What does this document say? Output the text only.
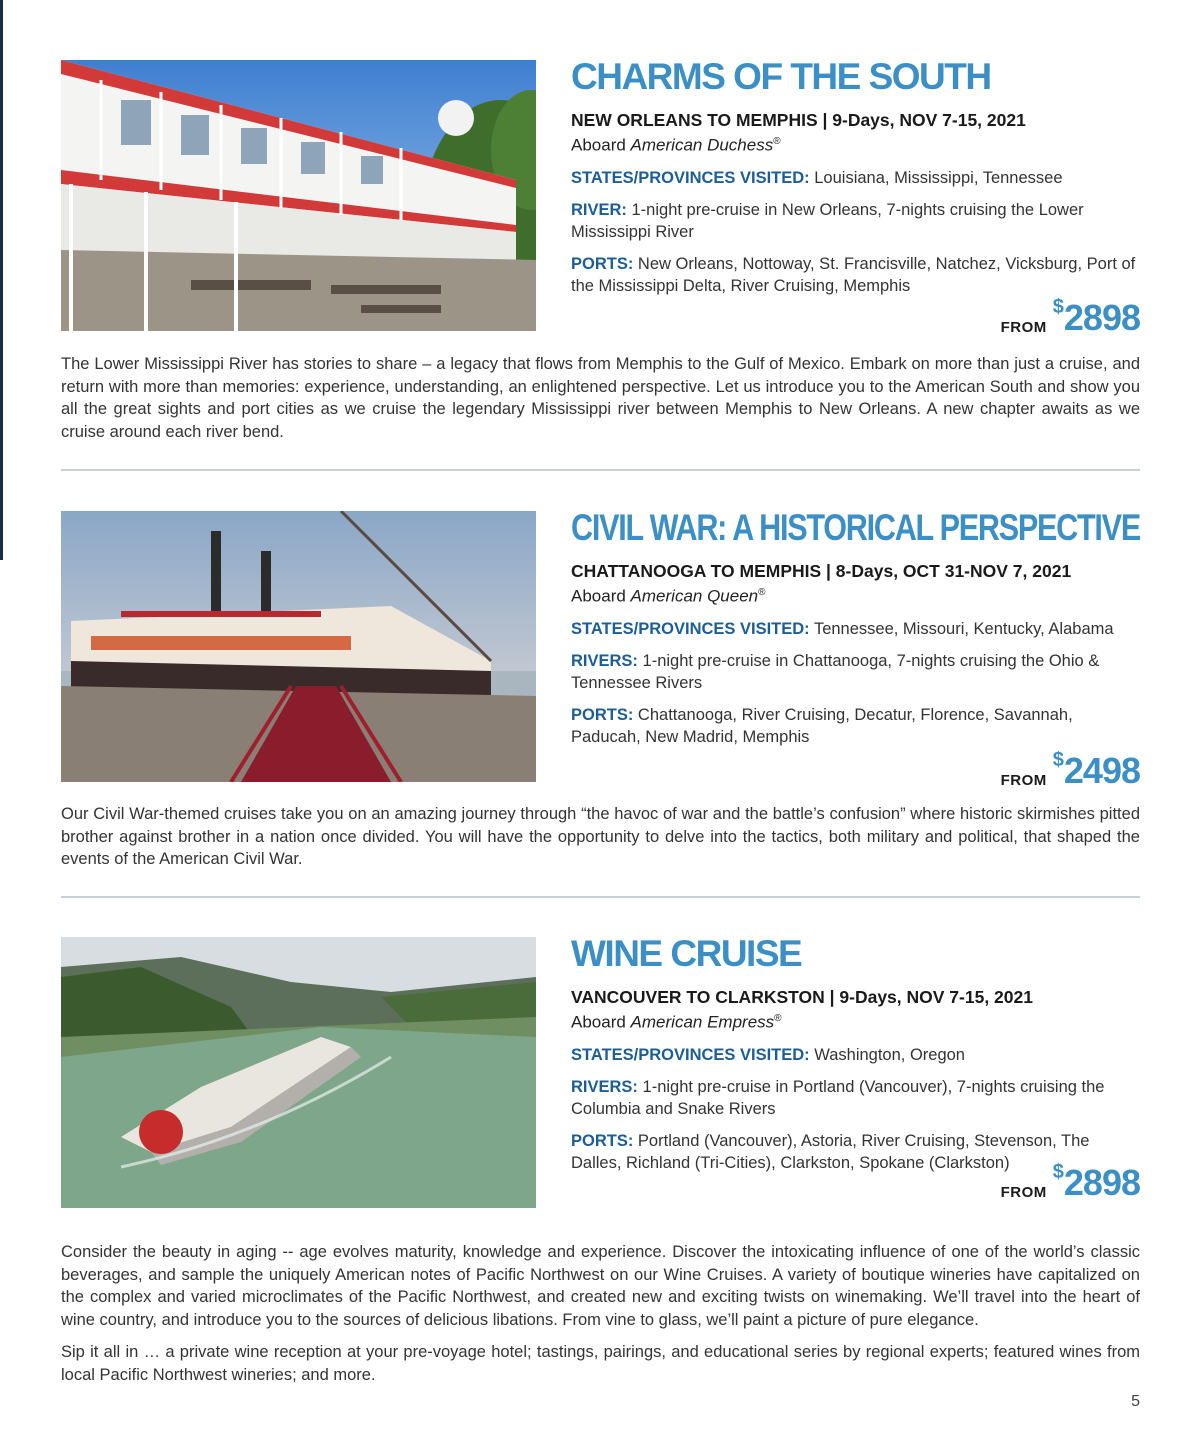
CHARMS OF THE SOUTH
NEW ORLEANS TO MEMPHIS | 9-Days, NOV 7-15, 2021
Aboard American Duchess®
STATES/PROVINCES VISITED: Louisiana, Mississippi, Tennessee
RIVER: 1-night pre-cruise in New Orleans, 7-nights cruising the Lower Mississippi River
PORTS: New Orleans, Nottoway, St. Francisville, Natchez, Vicksburg, Port of the Mississippi Delta, River Cruising, Memphis
FROM$2898

The Lower Mississippi River has stories to share – a legacy that flows from Memphis to the Gulf of Mexico. Embark on more than just a cruise, and return with more than memories: experience, understanding, an enlightened perspective. Let us introduce you to the American South and show you all the great sights and port cities as we cruise the legendary Mississippi river between Memphis to New Orleans. A new chapter awaits as we cruise around each river bend.

CIVIL WAR: A HISTORICAL PERSPECTIVE
CHATTANOOGA TO MEMPHIS | 8-Days, OCT 31-NOV 7, 2021
Aboard American Queen®
STATES/PROVINCES VISITED: Tennessee, Missouri, Kentucky, Alabama
RIVERS: 1-night pre-cruise in Chattanooga, 7-nights cruising the Ohio & Tennessee Rivers
PORTS: Chattanooga, River Cruising, Decatur, Florence, Savannah, Paducah, New Madrid, Memphis
FROM$2498

Our Civil War-themed cruises take you on an amazing journey through “the havoc of war and the battle’s confusion” where historic skirmishes pitted brother against brother in a nation once divided. You will have the opportunity to delve into the tactics, both military and political, that shaped the events of the American Civil War.

WINE CRUISE
VANCOUVER TO CLARKSTON | 9-Days, NOV 7-15, 2021
Aboard American Empress®
STATES/PROVINCES VISITED: Washington, Oregon
RIVERS: 1-night pre-cruise in Portland (Vancouver), 7-nights cruising the Columbia and Snake Rivers
PORTS: Portland (Vancouver), Astoria, River Cruising, Stevenson, The Dalles, Richland (Tri-Cities), Clarkston, Spokane (Clarkston)
FROM$2898

Consider the beauty in aging -- age evolves maturity, knowledge and experience. Discover the intoxicating influence of one of the world’s classic beverages, and sample the uniquely American notes of Pacific Northwest on our Wine Cruises. A variety of boutique wineries have capitalized on the complex and varied microclimates of the Pacific Northwest, and created new and exciting twists on winemaking. We’ll travel into the heart of wine country, and introduce you to the sources of delicious libations. From vine to glass, we’ll paint a picture of pure elegance.

Sip it all in … a private wine reception at your pre-voyage hotel; tastings, pairings, and educational series by regional experts; featured wines from local Pacific Northwest wineries; and more.

5
